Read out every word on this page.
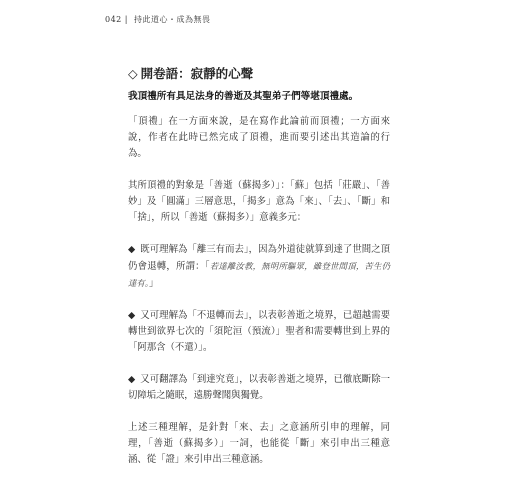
042 | 持此道心・成為無畏
◇ 開卷語：寂靜的心聲
我頂禮所有具足法身的善逝及其聖弟子們等堪頂禮處。

「頂禮」在一方面來說，是在寫作此論前而頂禮；一方面來說，作者在此時已然完成了頂禮，進而要引述出其造論的行為。

其所頂禮的對象是「善逝（蘇揭多）」：「蘇」包括「莊嚴」、「善妙」及「圓滿」三層意思，「揭多」意為「來」、「去」、「斷」和「捨」，所以「善逝（蘇揭多）」意義多元：

◆ 既可理解為「離三有而去」，因為外道徒就算到達了世間之頂仍會退轉，所謂：「若達離汝教，無明所驅眾，雖登世間頂，苦生仍達有。」

◆ 又可理解為「不退轉而去」，以表彰善逝之境界，已超越需要轉世到欲界七次的「須陀洹（預流）」聖者和需要轉世到上界的「阿那含（不還）」。

◆ 又可翻譯為「到達究竟」，以表彰善逝之境界，已徹底斷除一切障垢之隨眠，遠勝聲聞與獨覺。

上述三種理解，是針對「來、去」之意涵所引申的理解，同理，「善逝（蘇揭多）」一詞，也能從「斷」來引申出三種意涵、從「證」來引申出三種意涵。
